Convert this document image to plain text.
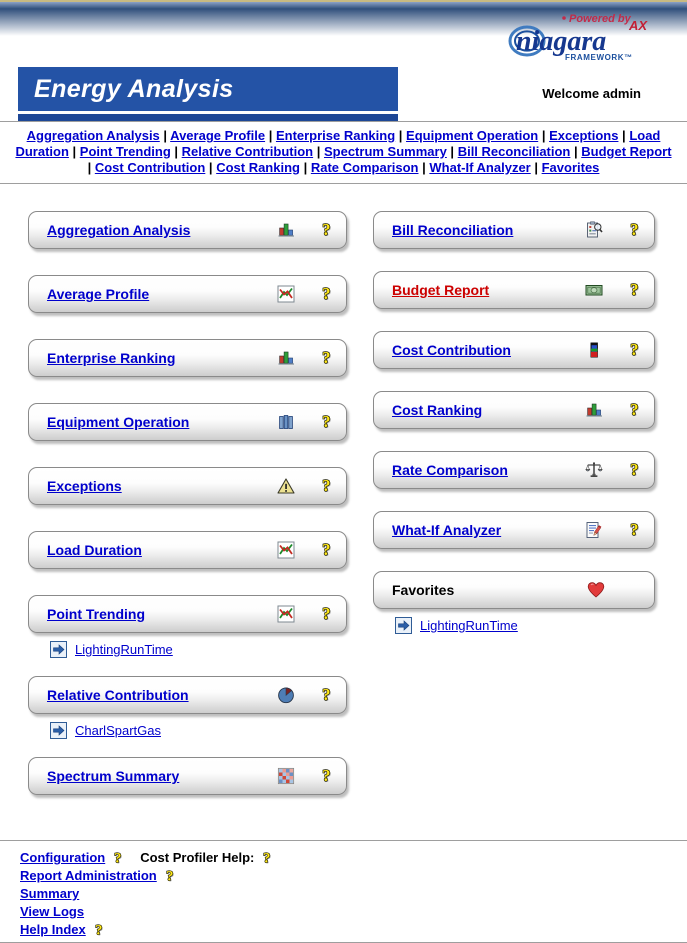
Powered by
niagara
AX
FRAMEWORK™
Energy Analysis	Welcome admin
Aggregation Analysis | Average Profile | Enterprise Ranking | Equipment Operation | Exceptions | Load Duration | Point Trending | Relative Contribution | Spectrum Summary | Bill Reconciliation | Budget Report | Cost Contribution | Cost Ranking | Rate Comparison | What-If Analyzer | Favorites
Aggregation Analysis
Average Profile
Enterprise Ranking
Equipment Operation
Exceptions
Load Duration
Point Trending
LightingRunTime
Relative Contribution
CharlSpartGas
Spectrum Summary
Bill Reconciliation
Budget Report
Cost Contribution
Cost Ranking
Rate Comparison
What-If Analyzer
Favorites
LightingRunTime
Configuration	Cost Profiler Help:
Report Administration
Summary
View Logs
Help Index
